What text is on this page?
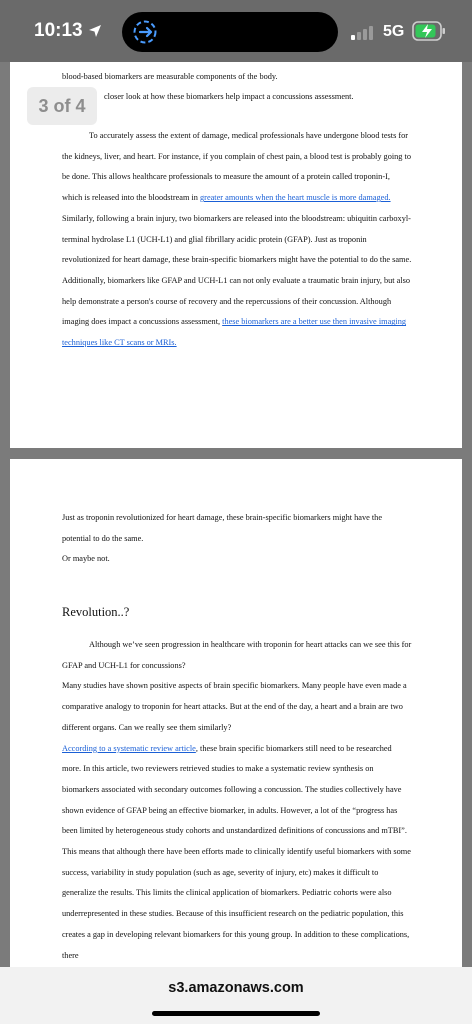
10:13	5G
blood-based biomarkers are measurable components of the body.
closer look at how these biomarkers help impact a concussions assessment.

To accurately assess the extent of damage, medical professionals have undergone blood tests for the kidneys, liver, and heart. For instance, if you complain of chest pain, a blood test is probably going to be done. This allows healthcare professionals to measure the amount of a protein called troponin-I, which is released into the bloodstream in greater amounts when the heart muscle is more damaged. Similarly, following a brain injury, two biomarkers are released into the bloodstream: ubiquitin carboxyl-terminal hydrolase L1 (UCH-L1) and glial fibrillary acidic protein (GFAP). Just as troponin revolutionized for heart damage, these brain-specific biomarkers might have the potential to do the same.

Additionally, biomarkers like GFAP and UCH-L1 can not only evaluate a traumatic brain injury, but also help demonstrate a person's course of recovery and the repercussions of their concussion. Although imaging does impact a concussions assessment, these biomarkers are a better use then invasive imaging techniques like CT scans or MRIs.

3 of 4

Just as troponin revolutionized for heart damage, these brain-specific biomarkers might have the potential to do the same.

Or maybe not.

Revolution..?

Although we’ve seen progression in healthcare with troponin for heart attacks can we see this for GFAP and UCH-L1 for concussions?

Many studies have shown positive aspects of brain specific biomarkers. Many people have even made a comparative analogy to troponin for heart attacks. But at the end of the day, a heart and a brain are two different organs. Can we really see them similarly?

According to a systematic review article, these brain specific biomarkers still need to be researched more. In this article, two reviewers retrieved studies to make a systematic review synthesis on biomarkers associated with secondary outcomes following a concussion. The studies collectively have shown evidence of GFAP being an effective biomarker, in adults. However, a lot of the “progress has been limited by heterogeneous study cohorts and unstandardized definitions of concussions and mTBI”. This means that although there have been efforts made to clinically identify useful biomarkers with some success, variability in study population (such as age, severity of injury, etc) makes it difficult to generalize the results. This limits the clinical application of biomarkers. Pediatric cohorts were also underrepresented in these studies. Because of this insufficient research on the pediatric population, this creates a gap in developing relevant biomarkers for this young group. In addition to these complications, there

s3.amazonaws.com
